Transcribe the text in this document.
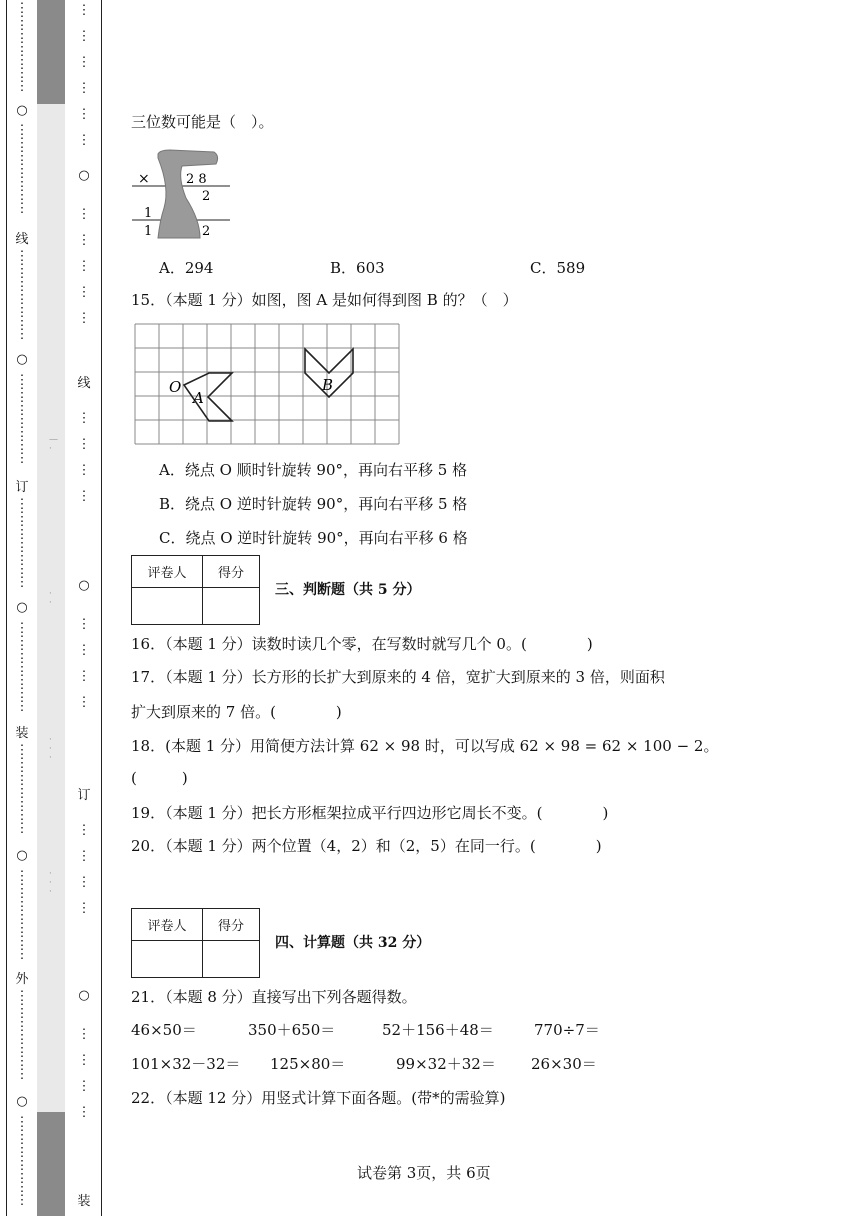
⋮
⋮
⋮
⋮
⋮
⋮
⋮
○
⋮
⋮
⋮
⋮
⋮
⋮
⋮
线
⋮
⋮
⋮
⋮
⋮
⋮
⋮
○
⋮
⋮
⋮
⋮
⋮
⋮
⋮
订
⋮
⋮
⋮
⋮
⋮
⋮
⋮
○
⋮
⋮
⋮
⋮
⋮
⋮
⋮
装
⋮
⋮
⋮
⋮
⋮
⋮
⋮
○
⋮
⋮
⋮
⋮
⋮
⋮
⋮
外
⋮
⋮
⋮
⋮
⋮
⋮
⋮
○
⋮
⋮
⋮
⋮
⋮
⋮
⋮
—
·
·
·
·
·
·
·
·
·
⋮

⋮

⋮

⋮

⋮

⋮
○
⋮

⋮

⋮

⋮

⋮
线
⋮

⋮

⋮

⋮
○
⋮

⋮

⋮

⋮
订
⋮

⋮

⋮

⋮
○
⋮

⋮

⋮

⋮
装
三位数可能是（　）。
×	2 8
2
1
1	2
A．294	B．603	C．589
15．（本题 1 分）如图，图 A 是如何得到图 B 的？（　）
O
A
B
A．绕点 O 顺时针旋转 90°，再向右平移 5 格
B．绕点 O 逆时针旋转 90°，再向右平移 5 格
C．绕点 O 逆时针旋转 90°，再向右平移 6 格
评卷人	得分

三、判断题（共 5 分）
16．（本题 1 分）读数时读几个零，在写数时就写几个 0。(　　　　)
17．（本题 1 分）长方形的长扩大到原来的 4 倍，宽扩大到原来的 3 倍，则面积
扩大到原来的 7 倍。(　　　　)
18．(本题 1 分）用简便方法计算 62 × 98 时，可以写成 62 × 98 = 62 × 100 − 2。
(　　　)
19．（本题 1 分）把长方形框架拉成平行四边形它周长不变。(　　　　)
20．（本题 1 分）两个位置（4，2）和（2，5）在同一行。(　　　　)
评卷人	得分

四、计算题（共 32 分）
21．（本题 8 分）直接写出下列各题得数。
46×50＝	350＋650＝	52＋156＋48＝	770÷7＝
101×32－32＝ 125×80＝	99×32＋32＝ 26×30＝
22．（本题 12 分）用竖式计算下面各题。(带*的需验算)
试卷第 3页，共 6页
